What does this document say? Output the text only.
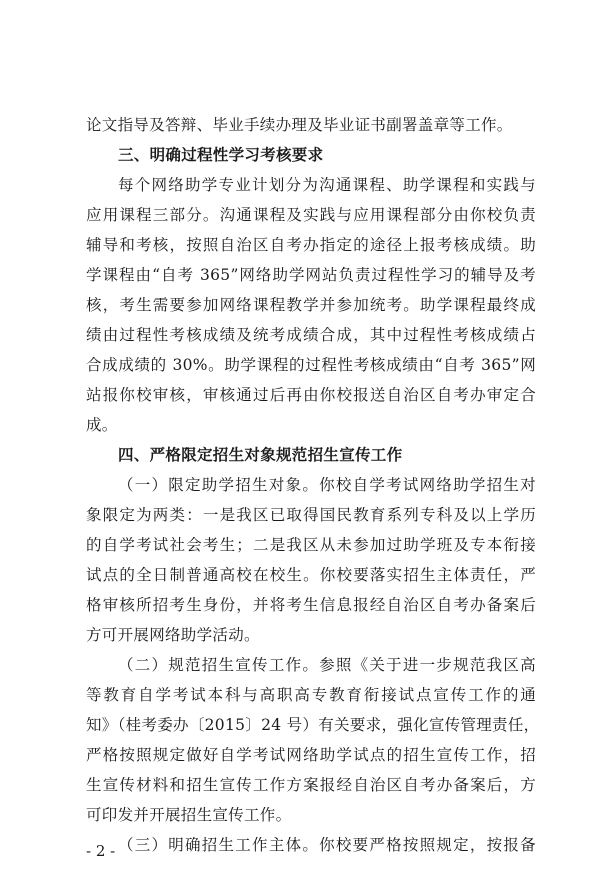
论文指导及答辩、毕业手续办理及毕业证书副署盖章等工作。
三、明确过程性学习考核要求
每个网络助学专业计划分为沟通课程、助学课程和实践与
应用课程三部分。沟通课程及实践与应用课程部分由你校负责
辅导和考核，按照自治区自考办指定的途径上报考核成绩。助
学课程由“自考 365”网络助学网站负责过程性学习的辅导及考
核，考生需要参加网络课程教学并参加统考。助学课程最终成
绩由过程性考核成绩及统考成绩合成，其中过程性考核成绩占
合成成绩的 30%。助学课程的过程性考核成绩由“自考 365”网
站报你校审核，审核通过后再由你校报送自治区自考办审定合
成。
四、严格限定招生对象规范招生宣传工作
（一）限定助学招生对象。你校自学考试网络助学招生对
象限定为两类：一是我区已取得国民教育系列专科及以上学历
的自学考试社会考生；二是我区从未参加过助学班及专本衔接
试点的全日制普通高校在校生。你校要落实招生主体责任，严
格审核所招考生身份，并将考生信息报经自治区自考办备案后
方可开展网络助学活动。
（二）规范招生宣传工作。参照《关于进一步规范我区高
等教育自学考试本科与高职高专教育衔接试点宣传工作的通
知》（桂考委办〔2015〕24 号）有关要求，强化宣传管理责任，
严格按照规定做好自学考试网络助学试点的招生宣传工作，招
生宣传材料和招生宣传工作方案报经自治区自考办备案后，方
可印发并开展招生宣传工作。
（三）明确招生工作主体。你校要严格按照规定，按报备
- 2 -
